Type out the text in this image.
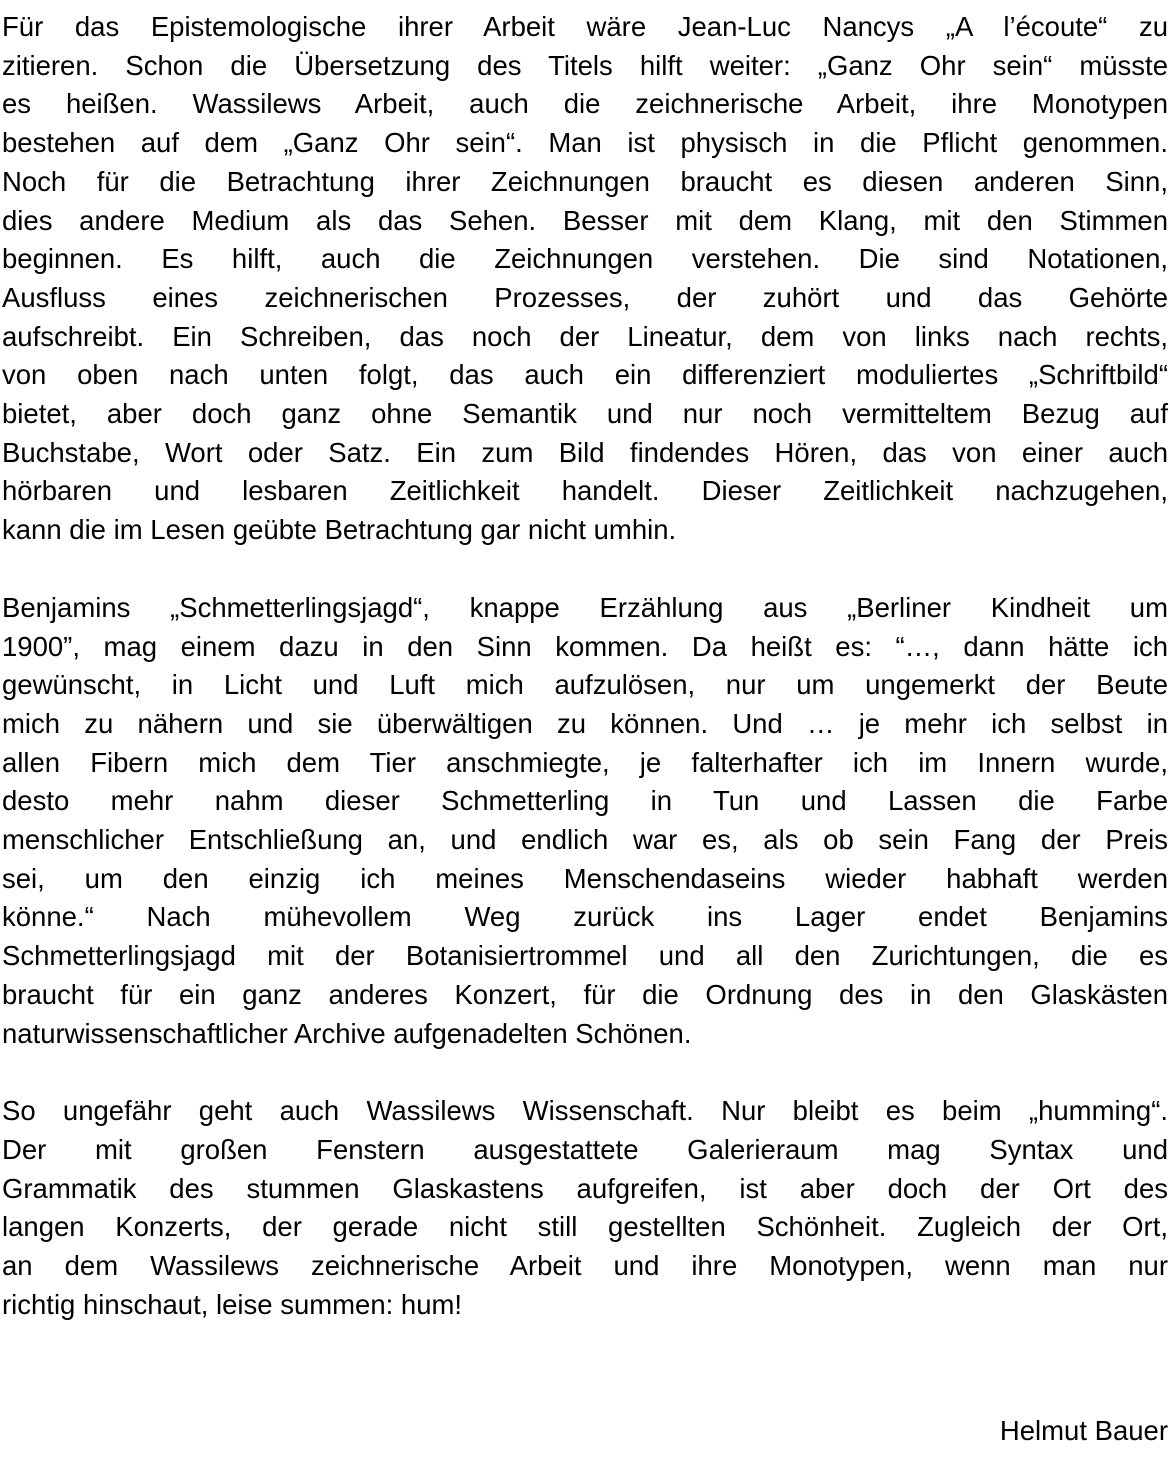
Für das Epistemologische ihrer Arbeit wäre Jean-Luc Nancys „A l’écoute“ zu
zitieren. Schon die Übersetzung des Titels hilft weiter: „Ganz Ohr sein“ müsste
es heißen. Wassilews Arbeit, auch die zeichnerische Arbeit, ihre Monotypen
bestehen auf dem „Ganz Ohr sein“. Man ist physisch in die Pflicht genommen.
Noch für die Betrachtung ihrer Zeichnungen braucht es diesen anderen Sinn,
dies andere Medium als das Sehen. Besser mit dem Klang, mit den Stimmen
beginnen. Es hilft, auch die Zeichnungen verstehen. Die sind Notationen,
Ausfluss eines zeichnerischen Prozesses, der zuhört und das Gehörte
aufschreibt. Ein Schreiben, das noch der Lineatur, dem von links nach rechts,
von oben nach unten folgt, das auch ein differenziert moduliertes „Schriftbild“
bietet, aber doch ganz ohne Semantik und nur noch vermitteltem Bezug auf
Buchstabe, Wort oder Satz. Ein zum Bild findendes Hören, das von einer auch
hörbaren und lesbaren Zeitlichkeit handelt. Dieser Zeitlichkeit nachzugehen,
kann die im Lesen geübte Betrachtung gar nicht umhin.
Benjamins „Schmetterlingsjagd“, knappe Erzählung aus „Berliner Kindheit um
1900”, mag einem dazu in den Sinn kommen. Da heißt es: “…, dann hätte ich
gewünscht, in Licht und Luft mich aufzulösen, nur um ungemerkt der Beute
mich zu nähern und sie überwältigen zu können. Und … je mehr ich selbst in
allen Fibern mich dem Tier anschmiegte, je falterhafter ich im Innern wurde,
desto mehr nahm dieser Schmetterling in Tun und Lassen die Farbe
menschlicher Entschließung an, und endlich war es, als ob sein Fang der Preis
sei, um den einzig ich meines Menschendaseins wieder habhaft werden
könne.“ Nach mühevollem Weg zurück ins Lager endet Benjamins
Schmetterlingsjagd mit der Botanisiertrommel und all den Zurichtungen, die es
braucht für ein ganz anderes Konzert, für die Ordnung des in den Glaskästen
naturwissenschaftlicher Archive aufgenadelten Schönen.
So ungefähr geht auch Wassilews Wissenschaft. Nur bleibt es beim „humming“.
Der mit großen Fenstern ausgestattete Galerieraum mag Syntax und
Grammatik des stummen Glaskastens aufgreifen, ist aber doch der Ort des
langen Konzerts, der gerade nicht still gestellten Schönheit. Zugleich der Ort,
an dem Wassilews zeichnerische Arbeit und ihre Monotypen, wenn man nur
richtig hinschaut, leise summen: hum!
Helmut Bauer
